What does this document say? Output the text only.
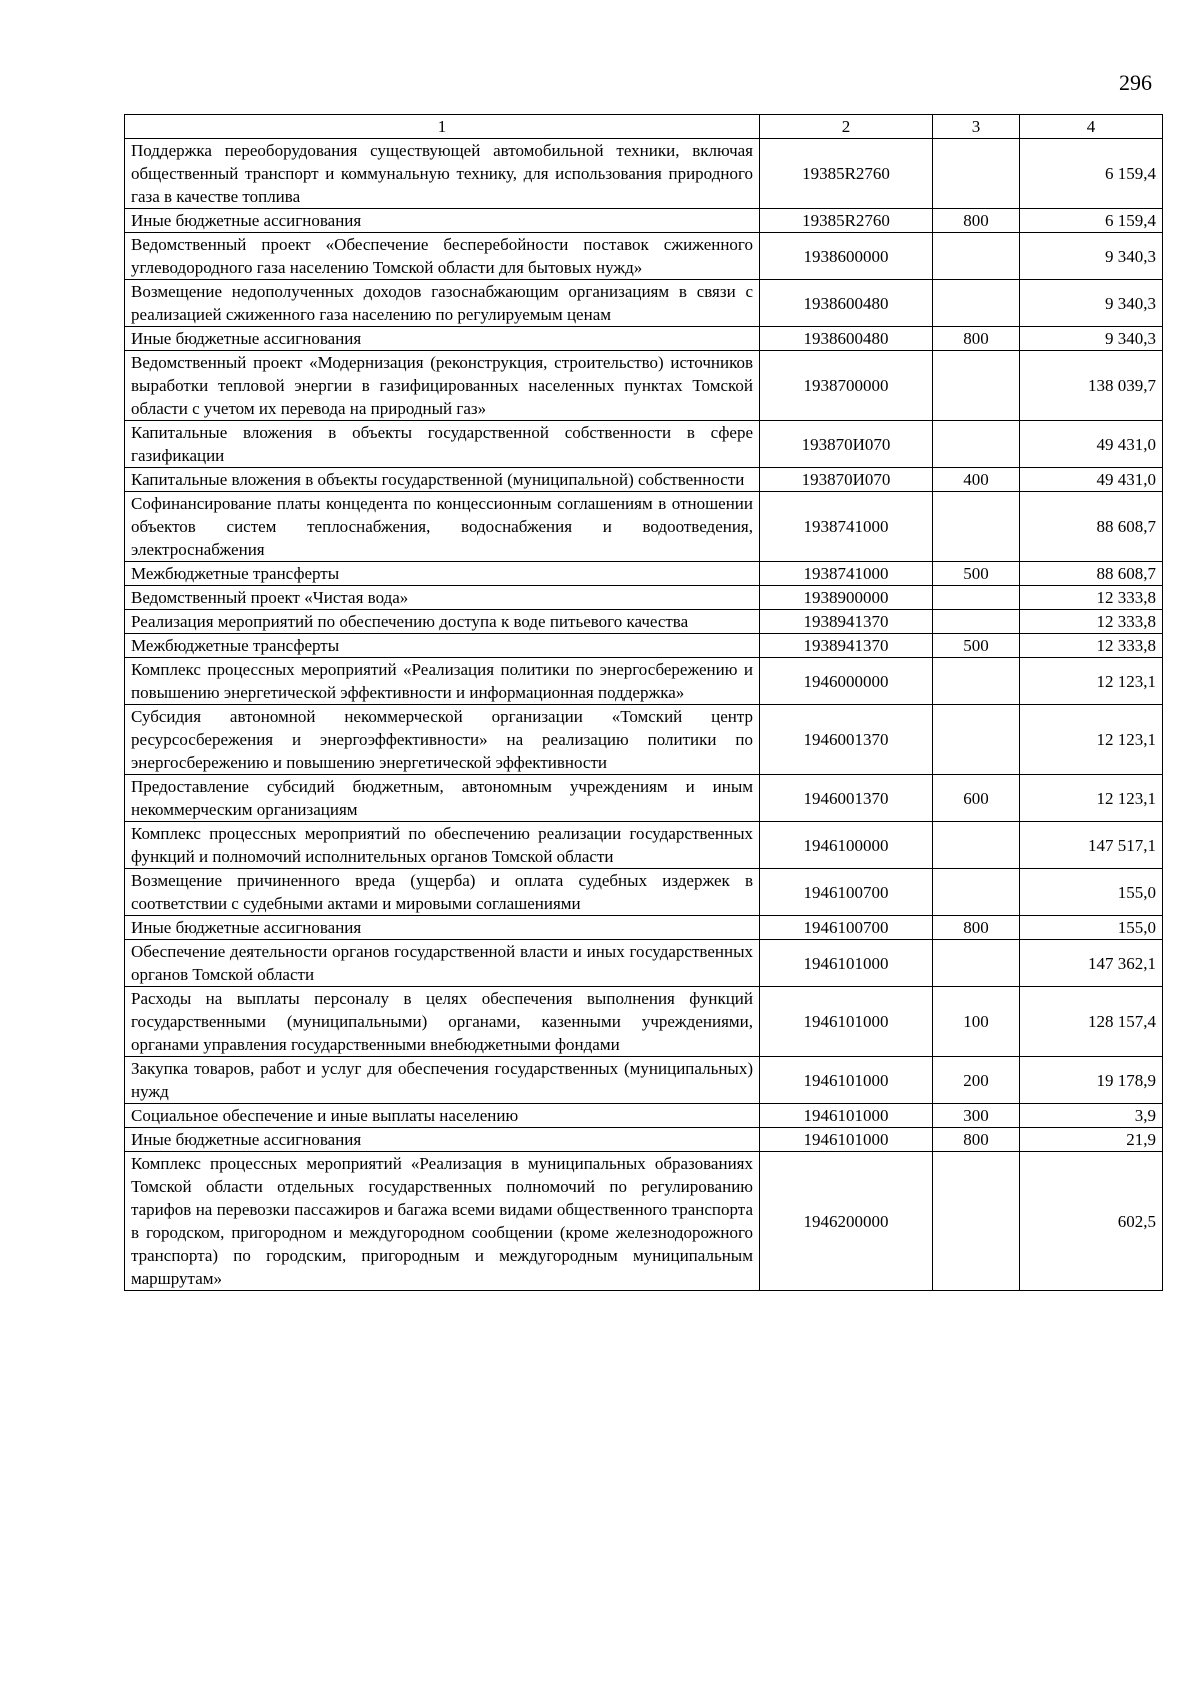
296
1	2	3	4
Поддержка переоборудования существующей автомобильной техники, включая общественный транспорт и коммунальную технику, для использования природного газа в качестве топлива	19385R2760		6 159,4
Иные бюджетные ассигнования	19385R2760	800	6 159,4
Ведомственный проект «Обеспечение бесперебойности поставок сжиженного углеводородного газа населению Томской области для бытовых нужд»	1938600000		9 340,3
Возмещение недополученных доходов газоснабжающим организациям в связи с реализацией сжиженного газа населению по регулируемым ценам	1938600480		9 340,3
Иные бюджетные ассигнования	1938600480	800	9 340,3
Ведомственный проект «Модернизация (реконструкция, строительство) источников выработки тепловой энергии в газифицированных населенных пунктах Томской области с учетом их перевода на природный газ»	1938700000		138 039,7
Капитальные вложения в объекты государственной собственности в сфере газификации	193870И070		49 431,0
Капитальные вложения в объекты государственной (муниципальной) собственности	193870И070	400	49 431,0
Софинансирование платы концедента по концессионным соглашениям в отношении объектов систем теплоснабжения, водоснабжения и водоотведения, электроснабжения	1938741000		88 608,7
Межбюджетные трансферты	1938741000	500	88 608,7
Ведомственный проект «Чистая вода»	1938900000		12 333,8
Реализация мероприятий по обеспечению доступа к воде питьевого качества	1938941370		12 333,8
Межбюджетные трансферты	1938941370	500	12 333,8
Комплекс процессных мероприятий «Реализация политики по энергосбережению и повышению энергетической эффективности и информационная поддержка»	1946000000		12 123,1
Субсидия автономной некоммерческой организации «Томский центр ресурсосбережения и энергоэффективности» на реализацию политики по энергосбережению и повышению энергетической эффективности	1946001370		12 123,1
Предоставление субсидий бюджетным, автономным учреждениям и иным некоммерческим организациям	1946001370	600	12 123,1
Комплекс процессных мероприятий по обеспечению реализации государственных функций и полномочий исполнительных органов Томской области	1946100000		147 517,1
Возмещение причиненного вреда (ущерба) и оплата судебных издержек в соответствии с судебными актами и мировыми соглашениями	1946100700		155,0
Иные бюджетные ассигнования	1946100700	800	155,0
Обеспечение деятельности органов государственной власти и иных государственных органов Томской области	1946101000		147 362,1
Расходы на выплаты персоналу в целях обеспечения выполнения функций государственными (муниципальными) органами, казенными учреждениями, органами управления государственными внебюджетными фондами	1946101000	100	128 157,4
Закупка товаров, работ и услуг для обеспечения государственных (муниципальных) нужд	1946101000	200	19 178,9
Социальное обеспечение и иные выплаты населению	1946101000	300	3,9
Иные бюджетные ассигнования	1946101000	800	21,9
Комплекс процессных мероприятий «Реализация в муниципальных образованиях Томской области отдельных государственных полномочий по регулированию тарифов на перевозки пассажиров и багажа всеми видами общественного транспорта в городском, пригородном и междугородном сообщении (кроме железнодорожного транспорта) по городским, пригородным и междугородным муниципальным маршрутам»	1946200000		602,5
